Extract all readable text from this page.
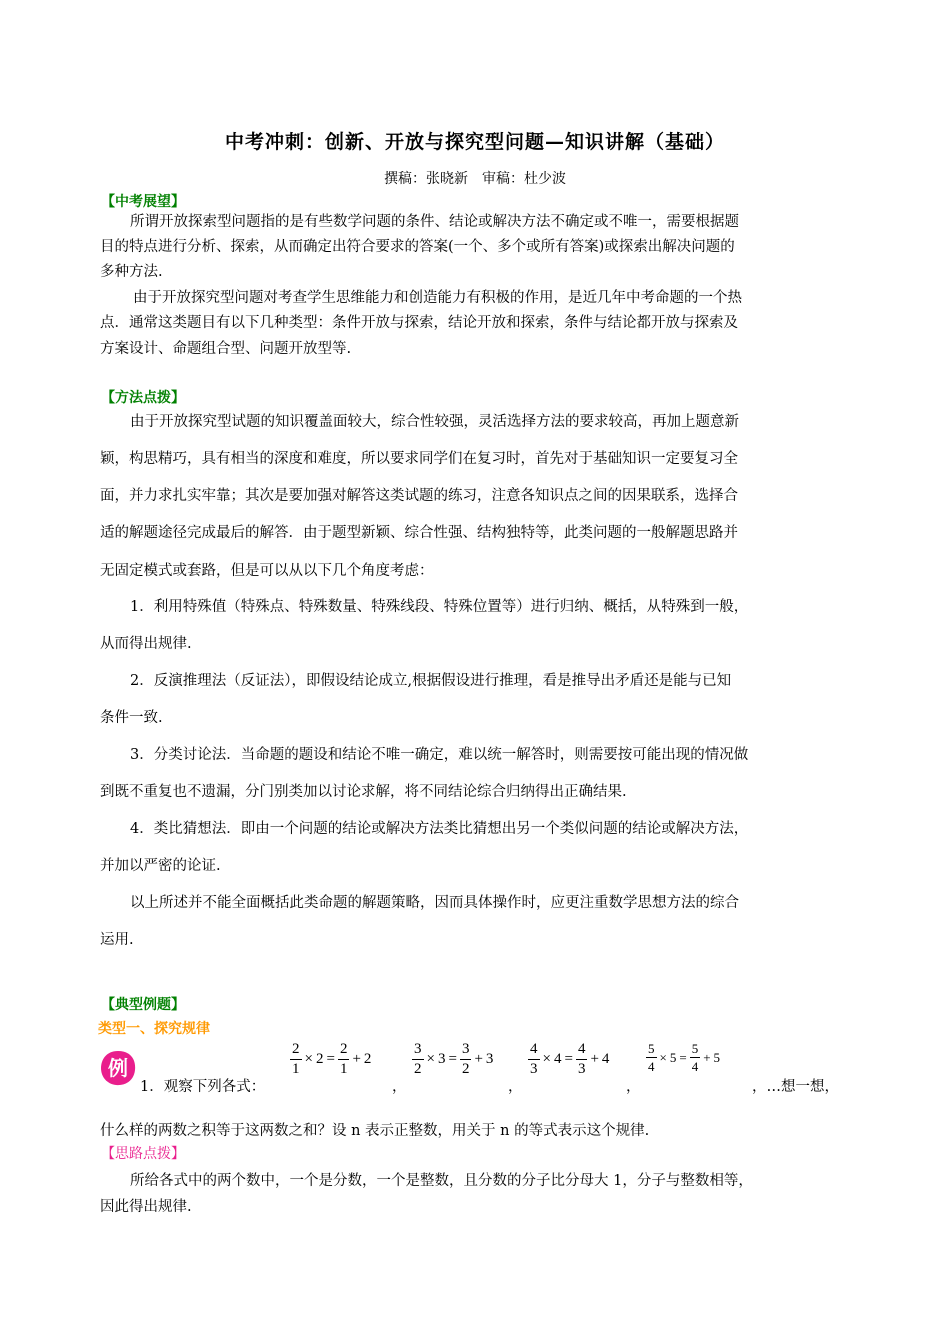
中考冲刺：创新、开放与探究型问题—知识讲解（基础）
撰稿：张晓新　审稿：杜少波
【中考展望】
所谓开放探索型问题指的是有些数学问题的条件、结论或解决方法不确定或不唯一，需要根据题
目的特点进行分析、探索，从而确定出符合要求的答案(一个、多个或所有答案)或探索出解决问题的
多种方法.
由于开放探究型问题对考查学生思维能力和创造能力有积极的作用，是近几年中考命题的一个热
点．通常这类题目有以下几种类型：条件开放与探索，结论开放和探索，条件与结论都开放与探索及
方案设计、命题组合型、问题开放型等.
【方法点拨】
由于开放探究型试题的知识覆盖面较大，综合性较强，灵活选择方法的要求较高，再加上题意新
颖，构思精巧，具有相当的深度和难度，所以要求同学们在复习时，首先对于基础知识一定要复习全
面，并力求扎实牢靠；其次是要加强对解答这类试题的练习，注意各知识点之间的因果联系，选择合
适的解题途径完成最后的解答．由于题型新颖、综合性强、结构独特等，此类问题的一般解题思路并
无固定模式或套路，但是可以从以下几个角度考虑：
1．利用特殊值（特殊点、特殊数量、特殊线段、特殊位置等）进行归纳、概括，从特殊到一般，
从而得出规律.
2．反演推理法（反证法），即假设结论成立,根据假设进行推理，看是推导出矛盾还是能与已知
条件一致.
3．分类讨论法．当命题的题设和结论不唯一确定，难以统一解答时，则需要按可能出现的情况做
到既不重复也不遗漏，分门别类加以讨论求解，将不同结论综合归纳得出正确结果.
4．类比猜想法．即由一个问题的结论或解决方法类比猜想出另一个类似问题的结论或解决方法，
并加以严密的论证.
以上所述并不能全面概括此类命题的解题策略，因而具体操作时，应更注重数学思想方法的综合
运用.
【典型例题】
类型一、探究规律
例
1．观察下列各式：
$\frac{2}{1} \times 2 = \frac{2}{1} + 2$
，
$\frac{3}{2} \times 3 = \frac{3}{2} + 3$
，
$\frac{4}{3} \times 4 = \frac{4}{3} + 4$
，
$\frac{5}{4} \times 5 = \frac{5}{4} + 5$
，…想一想，
什么样的两数之积等于这两数之和？设 n 表示正整数，用关于 n 的等式表示这个规律.
【思路点拨】
所给各式中的两个数中，一个是分数，一个是整数，且分数的分子比分母大 1，分子与整数相等，
因此得出规律.
